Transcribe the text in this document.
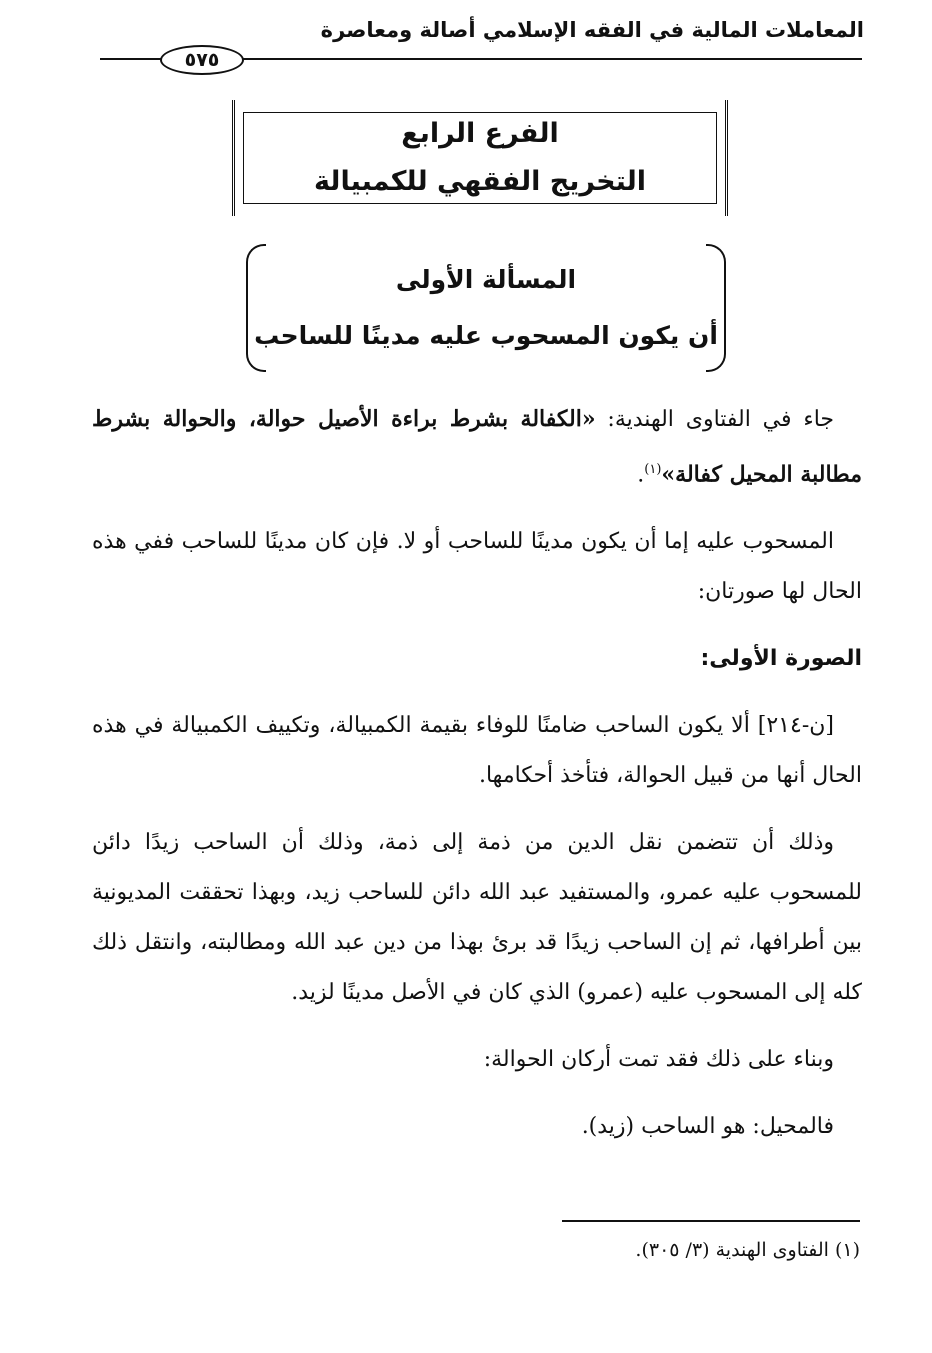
المعاملات المالية في الفقه الإسلامي أصالة ومعاصرة
٥٧٥
الفرع الرابع
التخريج الفقهي للكمبيالة
المسألة الأولى
أن يكون المسحوب عليه مدينًا للساحب

جاء في الفتاوى الهندية: «الكفالة بشرط براءة الأصيل حوالة، والحوالة بشرط مطالبة المحيل كفالة»$^{(١)}$.

المسحوب عليه إما أن يكون مدينًا للساحب أو لا. فإن كان مدينًا للساحب ففي هذه الحال لها صورتان:

الصورة الأولى:

[ن-٢١٤] ألا يكون الساحب ضامنًا للوفاء بقيمة الكمبيالة، وتكييف الكمبيالة في هذه الحال أنها من قبيل الحوالة، فتأخذ أحكامها.

وذلك أن تتضمن نقل الدين من ذمة إلى ذمة، وذلك أن الساحب زيدًا دائن للمسحوب عليه عمرو، والمستفيد عبد الله دائن للساحب زيد، وبهذا تحققت المديونية بين أطرافها، ثم إن الساحب زيدًا قد برئ بهذا من دين عبد الله ومطالبته، وانتقل ذلك كله إلى المسحوب عليه (عمرو) الذي كان في الأصل مدينًا لزيد.

وبناء على ذلك فقد تمت أركان الحوالة:

فالمحيل: هو الساحب (زيد).

(١) الفتاوى الهندية (٣/ ٣٠٥).
